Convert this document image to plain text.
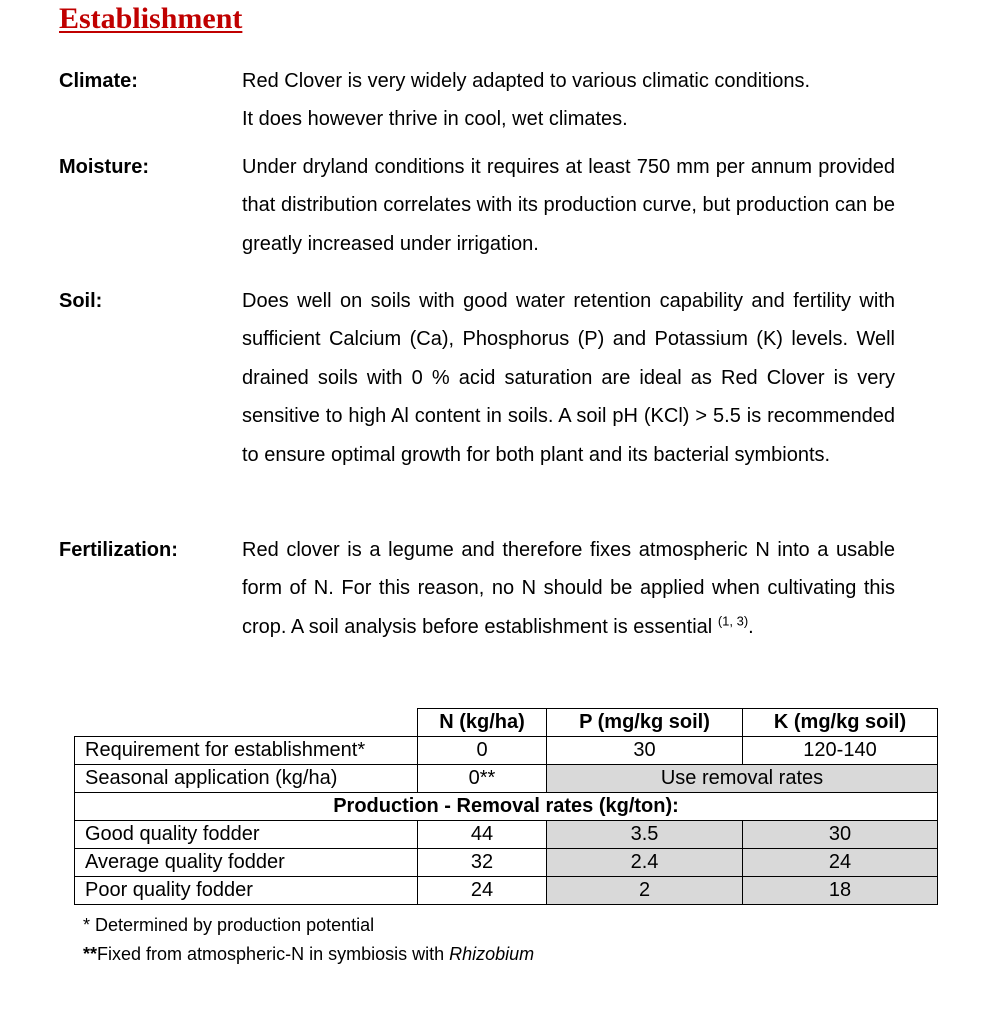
Establishment
Climate:	Red Clover is very widely adapted to various climatic conditions.
It does however thrive in cool, wet climates.
Moisture:	Under dryland conditions it requires at least 750 mm per annum provided that distribution correlates with its production curve, but production can be greatly increased under irrigation.
Soil:	Does well on soils with good water retention capability and fertility with sufficient Calcium (Ca), Phosphorus (P) and Potassium (K) levels. Well drained soils with 0 % acid saturation are ideal as Red Clover is very sensitive to high Al content in soils. A soil pH (KCl) > 5.5 is recommended to ensure optimal growth for both plant and its bacterial symbionts.
Fertilization:	Red clover is a legume and therefore fixes atmospheric N into a usable form of N. For this reason, no N should be applied when cultivating this crop. A soil analysis before establishment is essential $^{(1, 3)}$.
	N (kg/ha)	P (mg/kg soil)	K (mg/kg soil)
Requirement for establishment*	0	30	120-140
Seasonal application (kg/ha)	0**	Use removal rates	
Production - Removal rates (kg/ton):			
Good quality fodder	44	3.5	30
Average quality fodder	32	2.4	24
Poor quality fodder	24	2	18
* Determined by production potential
**Fixed from atmospheric-N in symbiosis with Rhizobium
